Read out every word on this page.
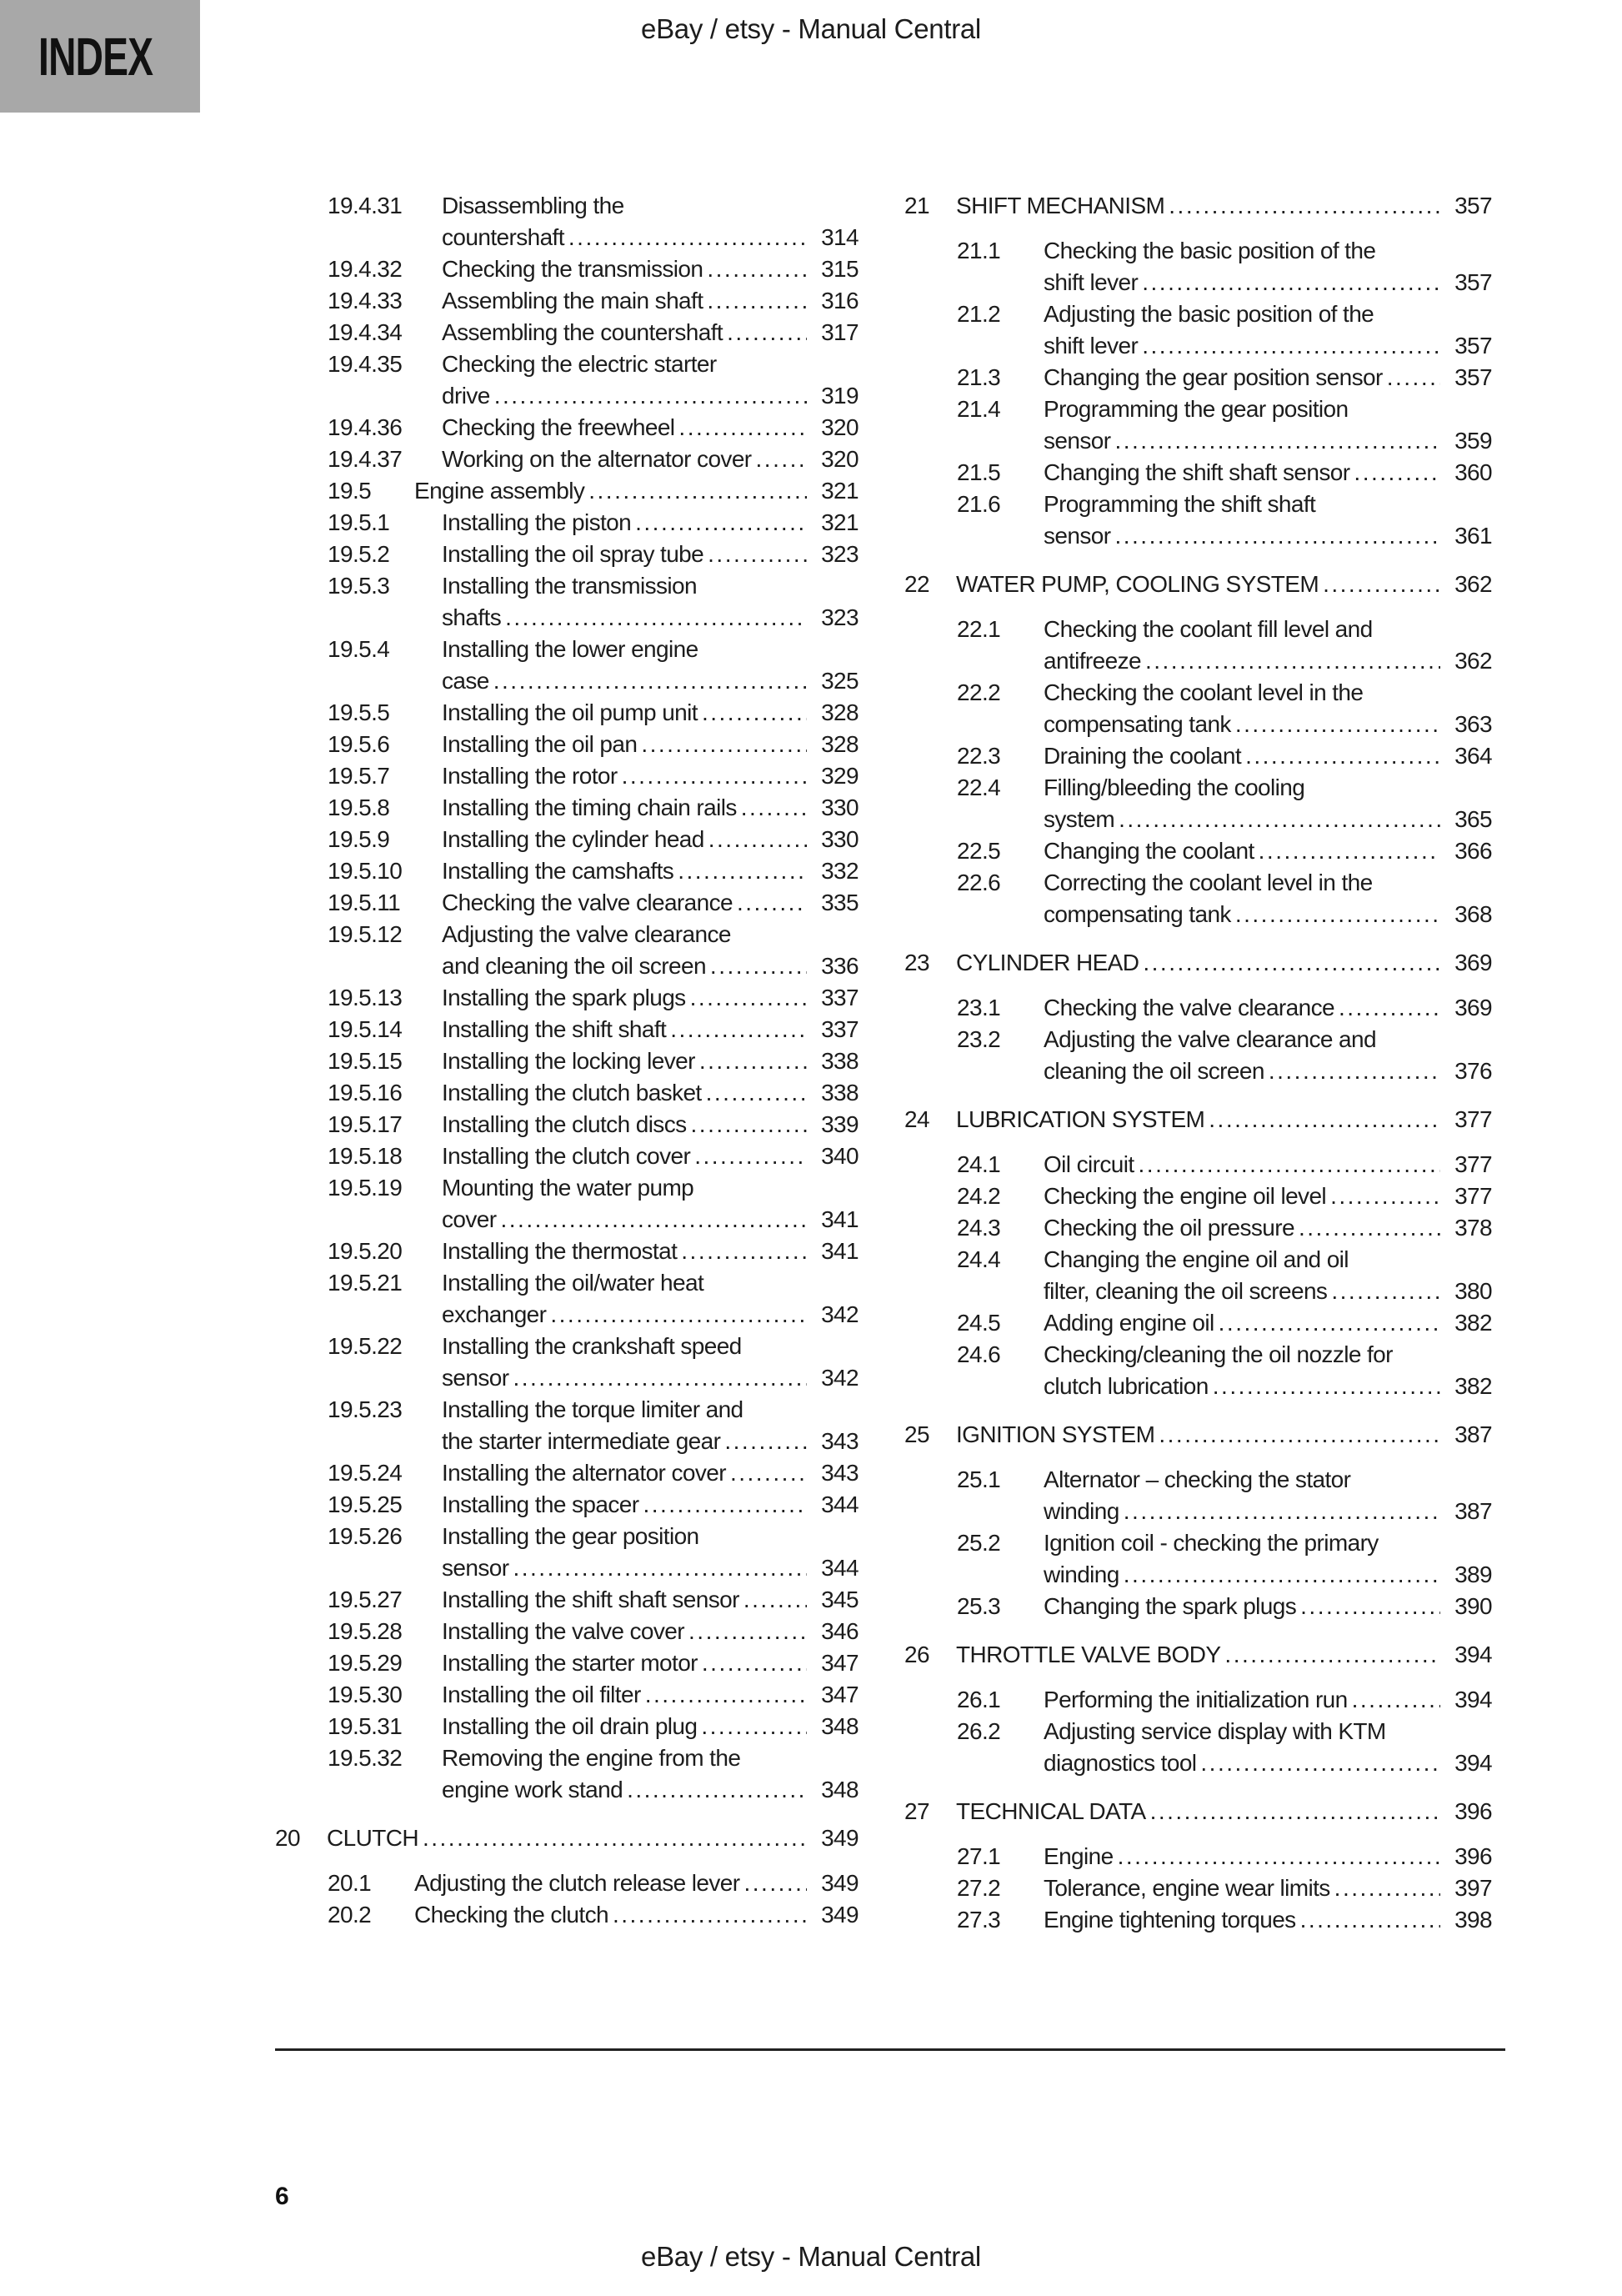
INDEX	eBay / etsy - Manual Central
19.4.31	Disassembling the
countershaft .....	314
19.4.32	Checking the transmission .....	315
19.4.33	Assembling the main shaft .....	316
19.4.34	Assembling the countershaft .....	317
19.4.35	Checking the electric starter
drive .....	319
19.4.36	Checking the freewheel .....	320
19.4.37	Working on the alternator cover .....	320
19.5	Engine assembly .....	321
19.5.1	Installing the piston .....	321
19.5.2	Installing the oil spray tube .....	323
19.5.3	Installing the transmission
shafts .....	323
19.5.4	Installing the lower engine
case .....	325
19.5.5	Installing the oil pump unit .....	328
19.5.6	Installing the oil pan .....	328
19.5.7	Installing the rotor .....	329
19.5.8	Installing the timing chain rails .....	330
19.5.9	Installing the cylinder head .....	330
19.5.10	Installing the camshafts .....	332
19.5.11	Checking the valve clearance .....	335
19.5.12	Adjusting the valve clearance
and cleaning the oil screen .....	336
19.5.13	Installing the spark plugs .....	337
19.5.14	Installing the shift shaft .....	337
19.5.15	Installing the locking lever .....	338
19.5.16	Installing the clutch basket .....	338
19.5.17	Installing the clutch discs .....	339
19.5.18	Installing the clutch cover .....	340
19.5.19	Mounting the water pump
cover .....	341
19.5.20	Installing the thermostat .....	341
19.5.21	Installing the oil/water heat
exchanger .....	342
19.5.22	Installing the crankshaft speed
sensor .....	342
19.5.23	Installing the torque limiter and
the starter intermediate gear .....	343
19.5.24	Installing the alternator cover .....	343
19.5.25	Installing the spacer .....	344
19.5.26	Installing the gear position
sensor .....	344
19.5.27	Installing the shift shaft sensor .....	345
19.5.28	Installing the valve cover .....	346
19.5.29	Installing the starter motor .....	347
19.5.30	Installing the oil filter .....	347
19.5.31	Installing the oil drain plug .....	348
19.5.32	Removing the engine from the
engine work stand .....	348
20	CLUTCH .....	349
20.1	Adjusting the clutch release lever .....	349
20.2	Checking the clutch .....	349
21	SHIFT MECHANISM .....	357
21.1	Checking the basic position of the
shift lever .....	357
21.2	Adjusting the basic position of the
shift lever .....	357
21.3	Changing the gear position sensor .....	357
21.4	Programming the gear position
sensor .....	359
21.5	Changing the shift shaft sensor .....	360
21.6	Programming the shift shaft
sensor .....	361
22	WATER PUMP, COOLING SYSTEM .....	362
22.1	Checking the coolant fill level and
antifreeze .....	362
22.2	Checking the coolant level in the
compensating tank .....	363
22.3	Draining the coolant .....	364
22.4	Filling/bleeding the cooling
system .....	365
22.5	Changing the coolant .....	366
22.6	Correcting the coolant level in the
compensating tank .....	368
23	CYLINDER HEAD .....	369
23.1	Checking the valve clearance .....	369
23.2	Adjusting the valve clearance and
cleaning the oil screen .....	376
24	LUBRICATION SYSTEM .....	377
24.1	Oil circuit .....	377
24.2	Checking the engine oil level .....	377
24.3	Checking the oil pressure .....	378
24.4	Changing the engine oil and oil
filter, cleaning the oil screens .....	380
24.5	Adding engine oil .....	382
24.6	Checking/cleaning the oil nozzle for
clutch lubrication .....	382
25	IGNITION SYSTEM .....	387
25.1	Alternator – checking the stator
winding .....	387
25.2	Ignition coil - checking the primary
winding .....	389
25.3	Changing the spark plugs .....	390
26	THROTTLE VALVE BODY .....	394
26.1	Performing the initialization run .....	394
26.2	Adjusting service display with KTM
diagnostics tool .....	394
27	TECHNICAL DATA .....	396
27.1	Engine .....	396
27.2	Tolerance, engine wear limits .....	397
27.3	Engine tightening torques .....	398
6
eBay / etsy - Manual Central
